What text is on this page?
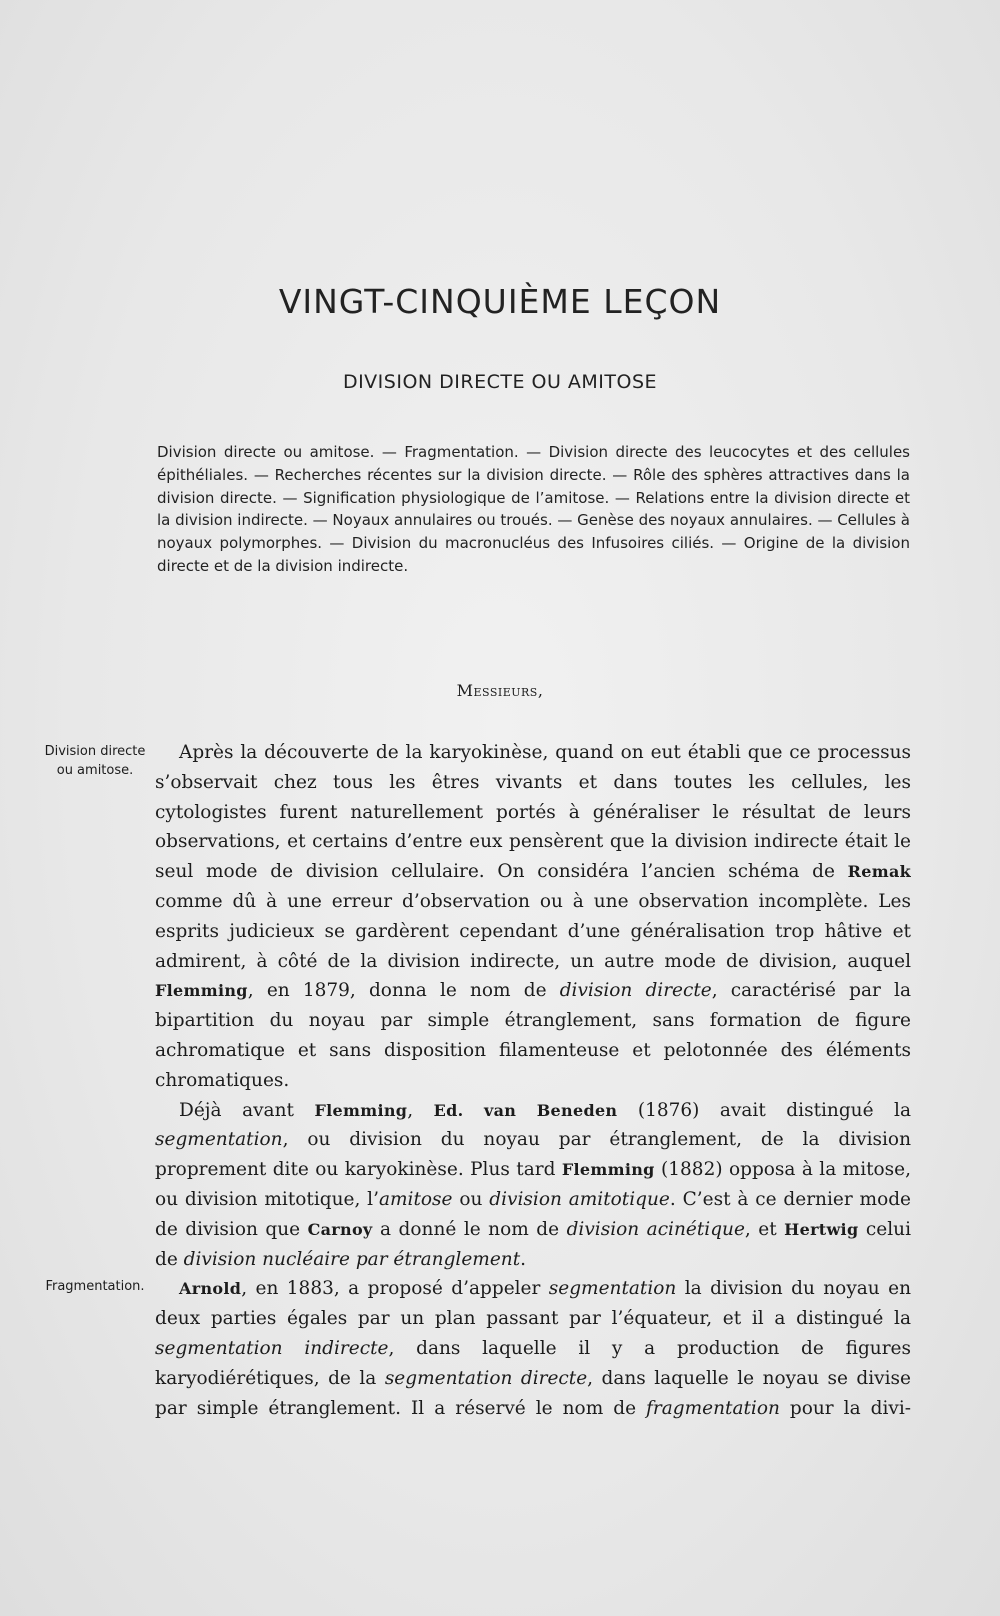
VINGT-CINQUIÈME LEÇON
DIVISION DIRECTE OU AMITOSE
Division directe ou amitose. — Fragmentation. — Division directe des leucocytes et des cellules épithéliales. — Recherches récentes sur la division directe. — Rôle des sphères attractives dans la division directe. — Signification physiologique de l’amitose. — Relations entre la division directe et la division indirecte. — Noyaux annulaires ou troués. — Genèse des noyaux annulaires. — Cellules à noyaux polymorphes. — Division du macronucléus des Infusoires ciliés. — Origine de la division directe et de la division indirecte.
Messieurs,
Division directe ou amitose.
Fragmentation.

Après la découverte de la karyokinèse, quand on eut établi que ce processus s’observait chez tous les êtres vivants et dans toutes les cellules, les cytologistes furent naturellement portés à généraliser le résultat de leurs observations, et certains d’entre eux pensèrent que la division indirecte était le seul mode de division cellulaire. On considéra l’ancien schéma de Remak comme dû à une erreur d’observation ou à une observation incomplète. Les esprits judicieux se gardèrent cependant d’une généralisation trop hâtive et admirent, à côté de la division indirecte, un autre mode de division, auquel Flemming, en 1879, donna le nom de division directe, caractérisé par la bipartition du noyau par simple étranglement, sans formation de figure achromatique et sans disposition filamenteuse et pelotonnée des éléments chromatiques.

Déjà avant Flemming, Ed. van Beneden (1876) avait distingué la segmentation, ou division du noyau par étranglement, de la division proprement dite ou karyokinèse. Plus tard Flemming (1882) opposa à la mitose, ou division mitotique, l’amitose ou division amitotique. C’est à ce dernier mode de division que Carnoy a donné le nom de division acinétique, et Hertwig celui de division nucléaire par étranglement.

Arnold, en 1883, a proposé d’appeler segmentation la division du noyau en deux parties égales par un plan passant par l’équateur, et il a distingué la segmentation indirecte, dans laquelle il y a production de figures karyodiérétiques, de la segmentation directe, dans laquelle le noyau se divise par simple étranglement. Il a réservé le nom de fragmentation pour la divi-
